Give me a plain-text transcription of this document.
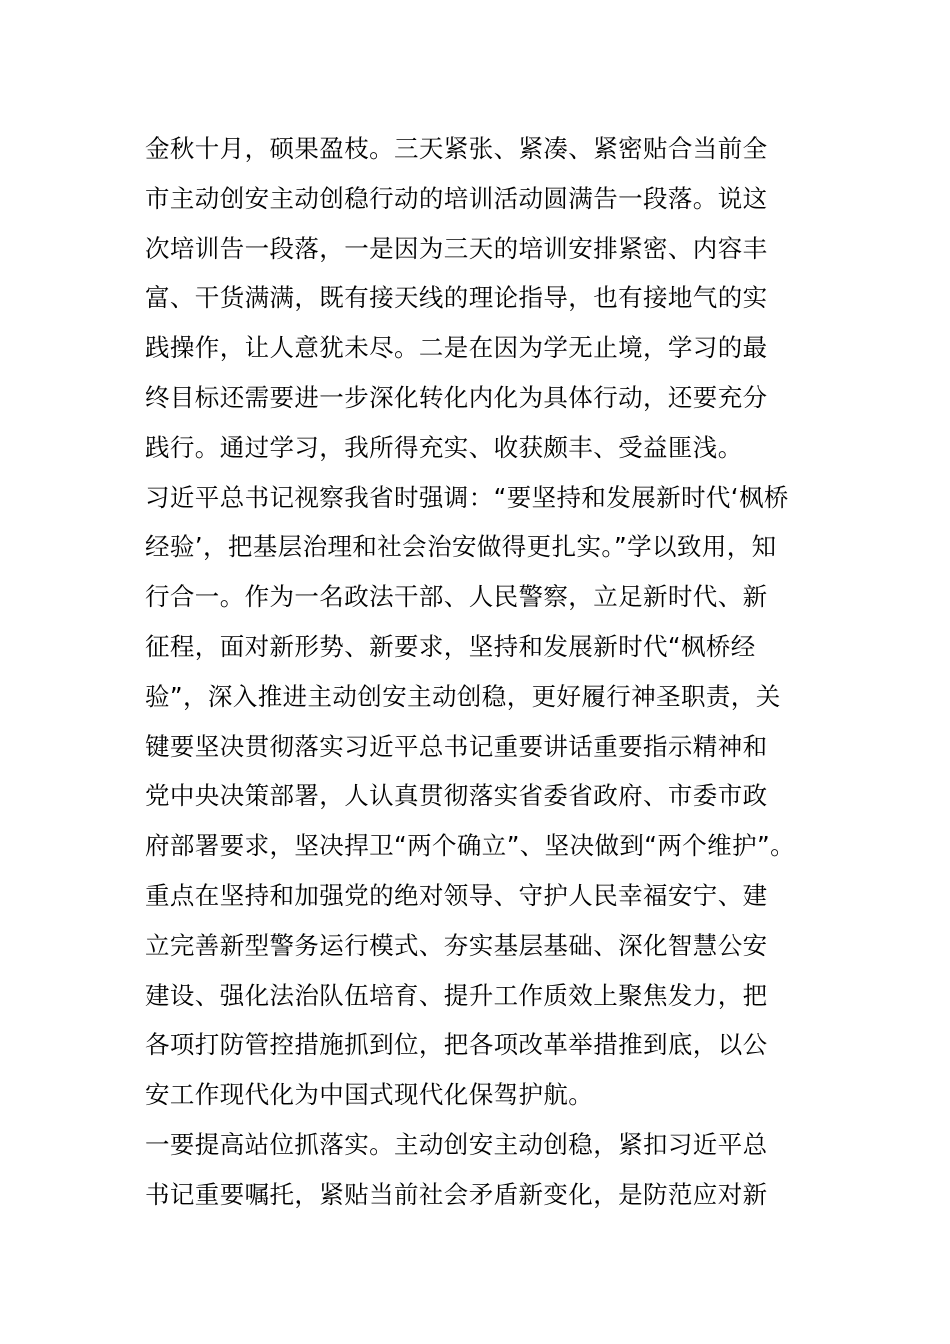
金秋十月，硕果盈枝。三天紧张、紧凑、紧密贴合当前全
市主动创安主动创稳行动的培训活动圆满告一段落。说这
次培训告一段落，一是因为三天的培训安排紧密、内容丰
富、干货满满，既有接天线的理论指导，也有接地气的实
践操作，让人意犹未尽。二是在因为学无止境，学习的最
终目标还需要进一步深化转化内化为具体行动，还要充分
践行。通过学习，我所得充实、收获颇丰、受益匪浅。
习近平总书记视察我省时强调：“要坚持和发展新时代‘枫桥
经验’，把基层治理和社会治安做得更扎实。”学以致用，知
行合一。作为一名政法干部、人民警察，立足新时代、新
征程，面对新形势、新要求，坚持和发展新时代“枫桥经
验”，深入推进主动创安主动创稳，更好履行神圣职责，关
键要坚决贯彻落实习近平总书记重要讲话重要指示精神和
党中央决策部署，人认真贯彻落实省委省政府、市委市政
府部署要求，坚决捍卫“两个确立”、坚决做到“两个维护”。
重点在坚持和加强党的绝对领导、守护人民幸福安宁、建
立完善新型警务运行模式、夯实基层基础、深化智慧公安
建设、强化法治队伍培育、提升工作质效上聚焦发力，把
各项打防管控措施抓到位，把各项改革举措推到底，以公
安工作现代化为中国式现代化保驾护航。
一要提高站位抓落实。主动创安主动创稳，紧扣习近平总
书记重要嘱托，紧贴当前社会矛盾新变化，是防范应对新
